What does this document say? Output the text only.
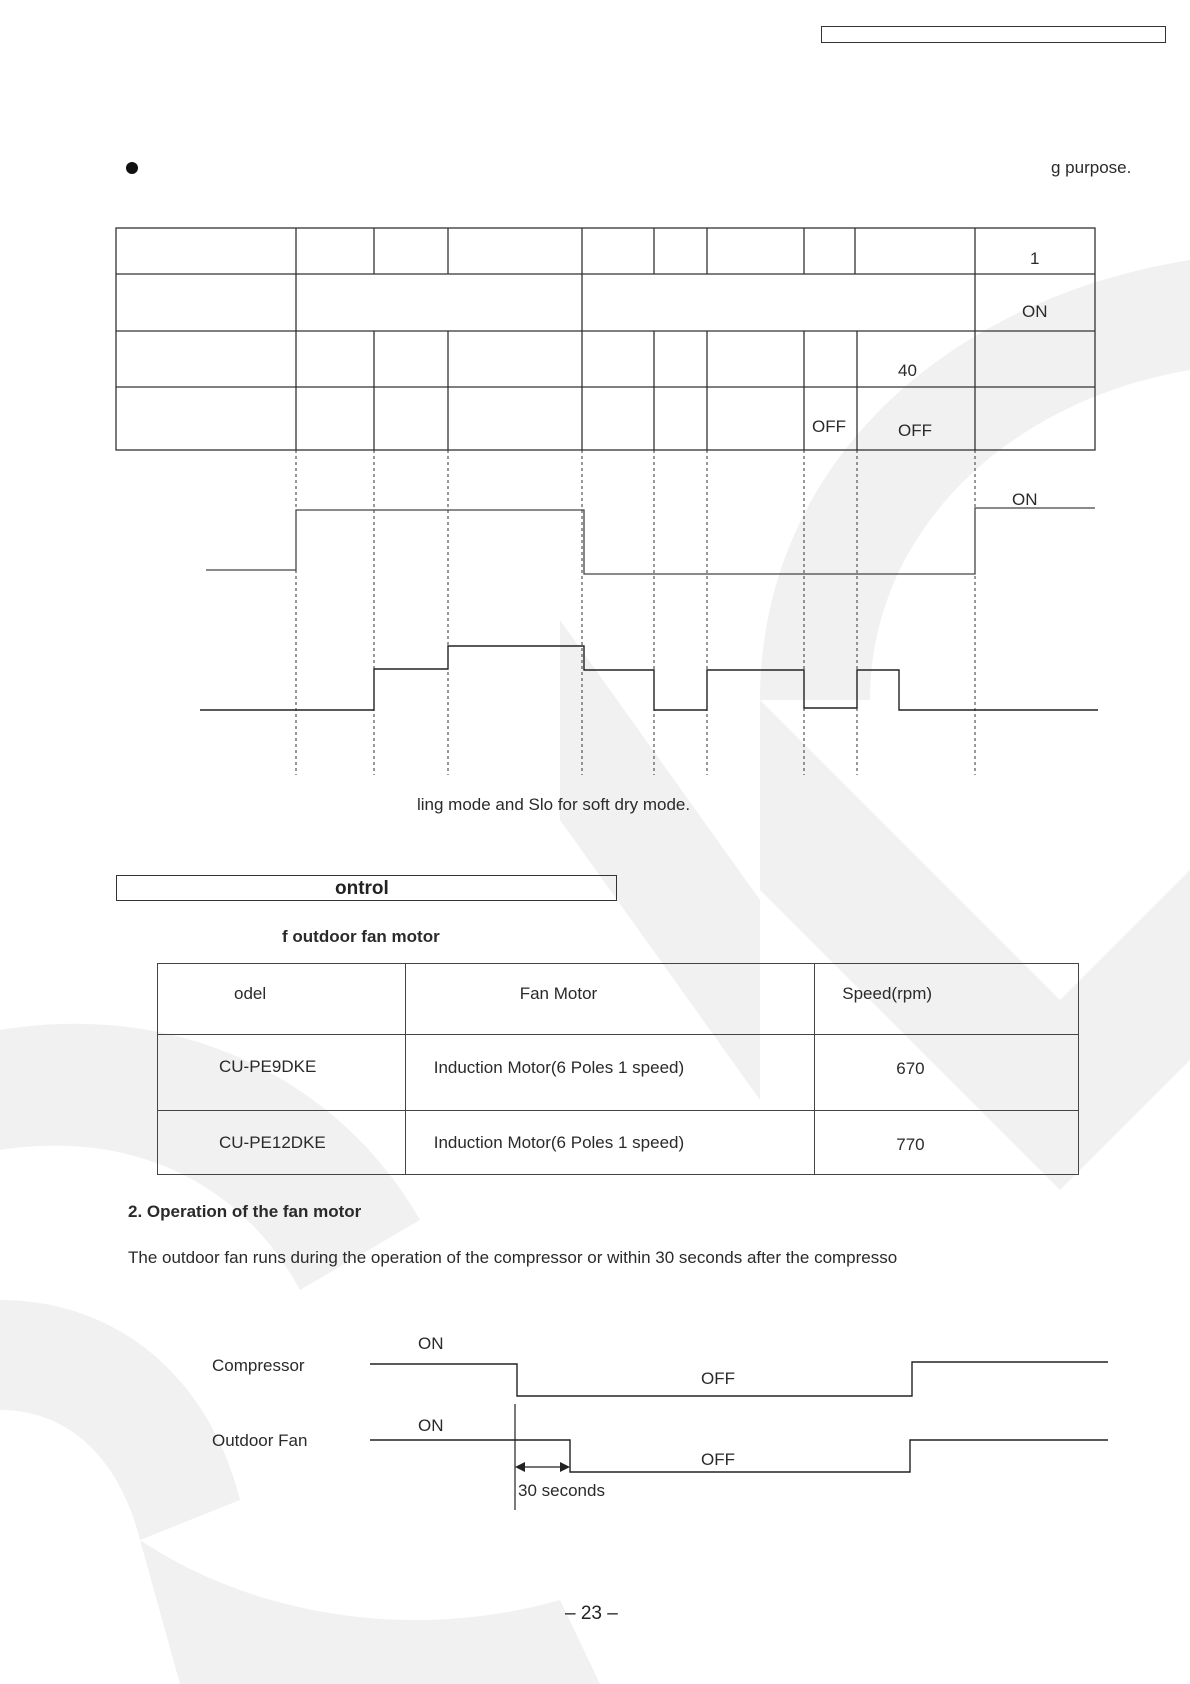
g purpose.
1
ON
40
OFF	OFF
ON
ling mode and Slo for soft dry mode.
ontrol
f outdoor fan motor
odel	Fan Motor	Speed(rpm)

CU-PE9DKE	Induction Motor(6 Poles 1 speed)	670

CU-PE12DKE	Induction Motor(6 Poles 1 speed)	770
2. Operation of the fan motor
The outdoor fan runs during the operation of the compressor or within 30 seconds after the compresso
Compressor
ON
OFF
Outdoor Fan
ON
OFF
30 seconds
– 23 –
